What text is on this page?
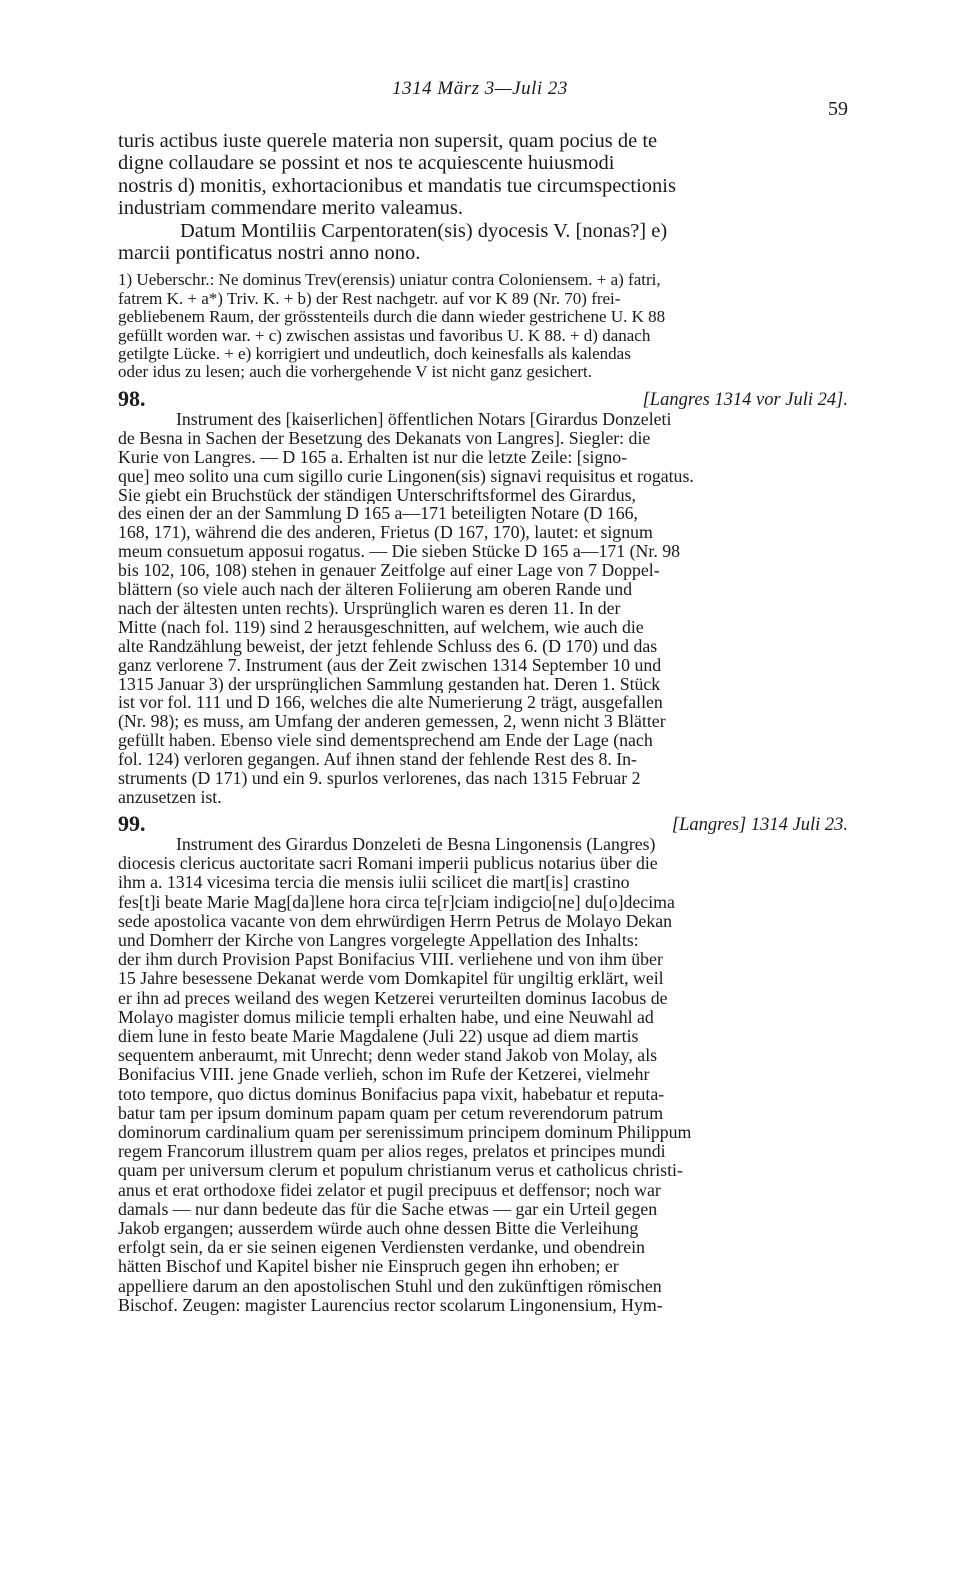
1314 März 3—Juli 23
59
turis actibus iuste querele materia non supersit, quam pocius de te
digne collaudare se possint et nos te acquiescente huiusmodi
nostris d) monitis, exhortacionibus et mandatis tue circumspectionis
industriam commendare merito valeamus.
Datum Montiliis Carpentoraten(sis) dyocesis V. [nonas?] e)
marcii pontificatus nostri anno nono.
1) Ueberschr.: Ne dominus Trev(erensis) uniatur contra Coloniensem. + a) fatri,
fatrem K. + a*) Triv. K. + b) der Rest nachgetr. auf vor K 89 (Nr. 70) frei-
gebliebenem Raum, der grösstenteils durch die dann wieder gestrichene U. K 88
gefüllt worden war. + c) zwischen assistas und favoribus U. K 88. + d) danach
getilgte Lücke. + e) korrigiert und undeutlich, doch keinesfalls als kalendas
oder idus zu lesen; auch die vorhergehende V ist nicht ganz gesichert.
98.	[Langres 1314 vor Juli 24].
Instrument des [kaiserlichen] öffentlichen Notars [Girardus Donzeleti
de Besna in Sachen der Besetzung des Dekanats von Langres]. Siegler: die
Kurie von Langres. — D 165 a. Erhalten ist nur die letzte Zeile: [signo-
que] meo solito una cum sigillo curie Lingonen(sis) signavi requisitus et rogatus.
Sie giebt ein Bruchstück der ständigen Unterschriftsformel des Girardus,
des einen der an der Sammlung D 165 a—171 beteiligten Notare (D 166,
168, 171), während die des anderen, Frietus (D 167, 170), lautet: et signum
meum consuetum apposui rogatus. — Die sieben Stücke D 165 a—171 (Nr. 98
bis 102, 106, 108) stehen in genauer Zeitfolge auf einer Lage von 7 Doppel-
blättern (so viele auch nach der älteren Foliierung am oberen Rande und
nach der ältesten unten rechts). Ursprünglich waren es deren 11. In der
Mitte (nach fol. 119) sind 2 herausgeschnitten, auf welchem, wie auch die
alte Randzählung beweist, der jetzt fehlende Schluss des 6. (D 170) und das
ganz verlorene 7. Instrument (aus der Zeit zwischen 1314 September 10 und
1315 Januar 3) der ursprünglichen Sammlung gestanden hat. Deren 1. Stück
ist vor fol. 111 und D 166, welches die alte Numerierung 2 trägt, ausgefallen
(Nr. 98); es muss, am Umfang der anderen gemessen, 2, wenn nicht 3 Blätter
gefüllt haben. Ebenso viele sind dementsprechend am Ende der Lage (nach
fol. 124) verloren gegangen. Auf ihnen stand der fehlende Rest des 8. In-
struments (D 171) und ein 9. spurlos verlorenes, das nach 1315 Februar 2
anzusetzen ist.
99.	[Langres] 1314 Juli 23.
Instrument des Girardus Donzeleti de Besna Lingonensis (Langres)
diocesis clericus auctoritate sacri Romani imperii publicus notarius über die
ihm a. 1314 vicesima tercia die mensis iulii scilicet die mart[is] crastino
fes[t]i beate Marie Mag[da]lene hora circa te[r]ciam indigcio[ne] du[o]decima
sede apostolica vacante von dem ehrwürdigen Herrn Petrus de Molayo Dekan
und Domherr der Kirche von Langres vorgelegte Appellation des Inhalts:
der ihm durch Provision Papst Bonifacius VIII. verliehene und von ihm über
15 Jahre besessene Dekanat werde vom Domkapitel für ungiltig erklärt, weil
er ihn ad preces weiland des wegen Ketzerei verurteilten dominus Iacobus de
Molayo magister domus milicie templi erhalten habe, und eine Neuwahl ad
diem lune in festo beate Marie Magdalene (Juli 22) usque ad diem martis
sequentem anberaumt, mit Unrecht; denn weder stand Jakob von Molay, als
Bonifacius VIII. jene Gnade verlieh, schon im Rufe der Ketzerei, vielmehr
toto tempore, quo dictus dominus Bonifacius papa vixit, habebatur et reputa-
batur tam per ipsum dominum papam quam per cetum reverendorum patrum
dominorum cardinalium quam per serenissimum principem dominum Philippum
regem Francorum illustrem quam per alios reges, prelatos et principes mundi
quam per universum clerum et populum christianum verus et catholicus christi-
anus et erat orthodoxe fidei zelator et pugil precipuus et deffensor; noch war
damals — nur dann bedeute das für die Sache etwas — gar ein Urteil gegen
Jakob ergangen; ausserdem würde auch ohne dessen Bitte die Verleihung
erfolgt sein, da er sie seinen eigenen Verdiensten verdanke, und obendrein
hätten Bischof und Kapitel bisher nie Einspruch gegen ihn erhoben; er
appelliere darum an den apostolischen Stuhl und den zukünftigen römischen
Bischof. Zeugen: magister Laurencius rector scolarum Lingonensium, Hym-
